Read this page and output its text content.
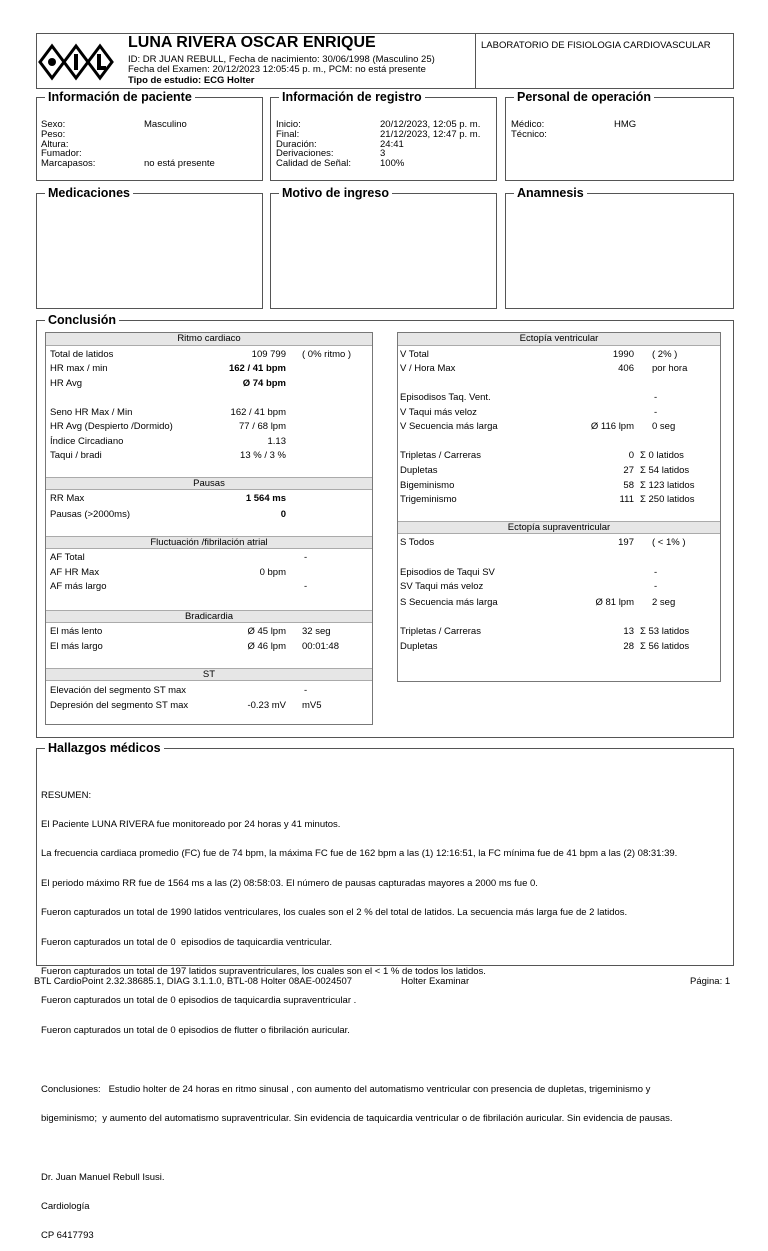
LUNA RIVERA OSCAR ENRIQUE
ID: DR JUAN REBULL, Fecha de nacimiento: 30/06/1998 (Masculino 25)
Fecha del Examen: 20/12/2023 12:05:45 p. m., PCM: no está presente
Tipo de estudio: ECG Holter
LABORATORIO DE FISIOLOGIA CARDIOVASCULAR
Información de paciente	Información de registro	Personal de operación
Sexo:	Masculino
Peso:
Altura:
Fumador:
Marcapasos:	no está presente
Inicio:	20/12/2023, 12:05 p. m.
Final:	21/12/2023, 12:47 p. m.
Duración:	24:41
Derivaciones:	3
Calidad de Señal:	100%
Médico:	HMG
Técnico:
Medicaciones	Motivo de ingreso	Anamnesis
Conclusión
Ritmo cardiaco
Total de latidos	109 799 ( 0% ritmo )
HR max / min	162 / 41 bpm
HR Avg	Ø 74 bpm
Seno HR Max / Min	162 / 41 bpm
HR Avg (Despierto /Dormido)	77 / 68 lpm
Índice Circadiano	1.13
Taqui / bradi	13 % / 3 %
Pausas
RR Max	1 564 ms
Pausas (>2000ms)	0
Fluctuación /fibrilación atrial
AF Total	-
AF HR Max	0 bpm
AF más largo	-
Bradicardia
El más lento	Ø 45 lpm 32 seg
El más largo	Ø 46 lpm 00:01:48
ST
Elevación del segmento ST max	-
Depresión del segmento ST max	-0.23 mV mV5
Ectopía ventricular
V Total	1990 ( 2% )
V / Hora Max	406 por hora
Episodisos Taq. Vent.	-
V Taqui más veloz	-
V Secuencia más larga	Ø 116 lpm 0 seg
Tripletas / Carreras	0 Σ 0 latidos
Dupletas	27 Σ 54 latidos
Bigeminismo	58 Σ 123 latidos
Trigeminismo	111 Σ 250 latidos
Ectopía supraventricular
S Todos	197 ( < 1% )
Episodios de Taqui SV	-
SV Taqui más veloz	-
S Secuencia más larga	Ø 81 lpm 2 seg
Tripletas / Carreras	13 Σ 53 latidos
Dupletas	28 Σ 56 latidos
Hallazgos médicos

RESUMEN:

El Paciente LUNA RIVERA fue monitoreado por 24 horas y 41 minutos.

La frecuencia cardiaca promedio (FC) fue de 74 bpm, la máxima FC fue de 162 bpm a las (1) 12:16:51, la FC mínima fue de 41 bpm a las (2) 08:31:39.

El periodo máximo RR fue de 1564 ms a las (2) 08:58:03. El número de pausas capturadas mayores a 2000 ms fue 0.

Fueron capturados un total de 1990 latidos ventriculares, los cuales son el 2 % del total de latidos. La secuencia más larga fue de 2 latidos.

Fueron capturados un total de 0  episodios de taquicardia ventricular.

Fueron capturados un total de 197 latidos supraventriculares, los cuales son el < 1 % de todos los latidos.

Fueron capturados un total de 0 episodios de taquicardia supraventricular .

Fueron capturados un total de 0 episodios de flutter o fibrilación auricular.

Conclusiones:   Estudio holter de 24 horas en ritmo sinusal , con aumento del automatismo ventricular con presencia de dupletas, trigeminismo y

bigeminismo;  y aumento del automatismo supraventricular. Sin evidencia de taquicardia ventricular o de fibrilación auricular. Sin evidencia de pausas.

Dr. Juan Manuel Rebull Isusi.

Cardiología

CP 6417793

BTL CardioPoint 2.32.38685.1, DIAG 3.1.1.0, BTL-08 Holter 08AE-0024507	Holter Examinar	Página: 1
